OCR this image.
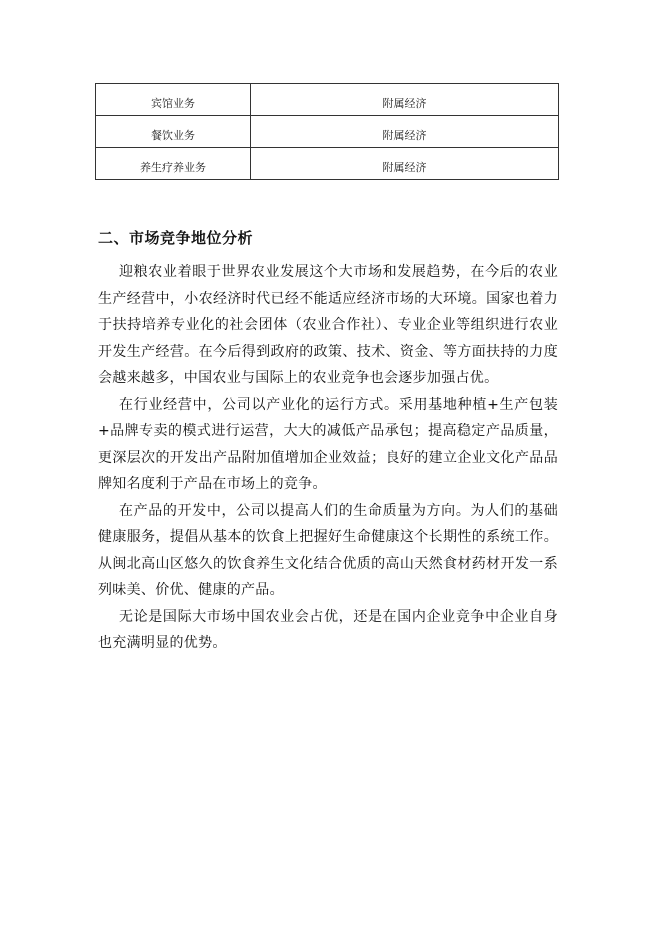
宾馆业务	附属经济
餐饮业务	附属经济
养生疗养业务	附属经济
二、市场竞争地位分析

迎粮农业着眼于世界农业发展这个大市场和发展趋势，在今后的农业生产经营中，小农经济时代已经不能适应经济市场的大环境。国家也着力于扶持培养专业化的社会团体（农业合作社）、专业企业等组织进行农业开发生产经营。在今后得到政府的政策、技术、资金、等方面扶持的力度会越来越多，中国农业与国际上的农业竞争也会逐步加强占优。

在行业经营中，公司以产业化的运行方式。采用基地种植+生产包装+品牌专卖的模式进行运营，大大的减低产品承包；提高稳定产品质量，更深层次的开发出产品附加值增加企业效益；良好的建立企业文化产品品牌知名度利于产品在市场上的竞争。

在产品的开发中，公司以提高人们的生命质量为方向。为人们的基础健康服务，提倡从基本的饮食上把握好生命健康这个长期性的系统工作。从闽北高山区悠久的饮食养生文化结合优质的高山天然食材药材开发一系列味美、价优、健康的产品。

无论是国际大市场中国农业会占优，还是在国内企业竞争中企业自身也充满明显的优势。
